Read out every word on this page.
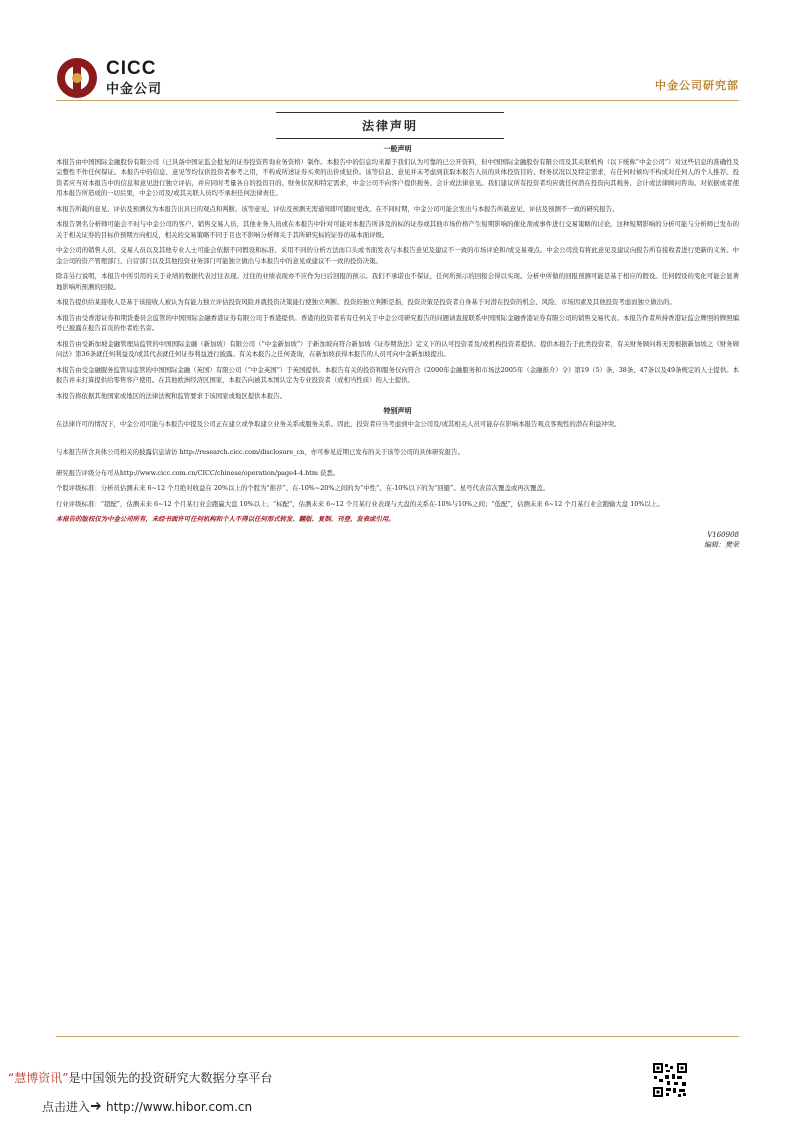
CICC
中金公司	中金公司研究部
法律声明
一般声明

本报告由中国国际金融股份有限公司（已具备中国证监会批复的证券投资咨询业务资格）制作。本报告中的信息均来源于我们认为可靠的已公开资料，但中国国际金融股份有限公司及其关联机构（以下统称“中金公司”）对这些信息的准确性及完整性不作任何保证。本报告中的信息、意见等均仅供投资者参考之用，不构成所述证券买卖的出价或征价。该等信息、意见并未考虑到获取本报告人员的具体投资目的、财务状况以及特定需求，在任何时候均不构成对任何人的个人推荐。投资者应当对本报告中的信息和意见进行独立评估，并应同时考量各自的投资目的、财务状况和特定需求，中金公司不向客户提供税务、会计或法律意见。我们建议所有投资者均应就任何潜在投资向其税务、会计或法律顾问咨询。对依据或者使用本报告所造成的一切后果，中金公司及/或其关联人员均不承担任何法律责任。

本报告所载的意见、评估及预测仅为本报告出具日的观点和判断。该等意见、评估及预测无需通知即可随时更改。在不同时期，中金公司可能会发出与本报告所载意见、评估及预测不一致的研究报告。

本报告署名分析师可能会不时与中金公司的客户、销售交易人员、其他业务人员或在本报告中针对可能对本报告所涉及的标的证券或其他市场价格产生短期影响的催化剂或事件进行交易策略的讨论。这种短期影响的分析可能与分析师已发布的关于相关证券的目标价预期方向相反，相关的交易策略不同于且也不影响分析师关于其所研究标的证券的基本面评级。

中金公司的销售人员、交易人员以及其他专业人士可能会依据不同假设和标准、采用不同的分析方法而口头或书面发表与本报告意见及建议不一致的市场评论和/或交易观点。中金公司没有将此意见及建议向报告所有接收者进行更新的义务。中金公司的资产管理部门、自营部门以及其他投资业务部门可能独立做出与本报告中的意见或建议不一致的投资决策。

除非另行说明，本报告中所引用的关于业绩的数据代表过往表现。过往的业绩表现亦不应作为日后回报的预示。我们不承诺也不保证，任何所预示的回报会得以实现。分析中所做的回报预测可能是基于相应的假设。任何假设的变化可能会显著地影响所预测的回报。

本报告提供给某接收人是基于该接收人被认为有能力独立评估投资风险并就投资决策能行使独立判断。投资的独立判断是指，投资决策是投资者自身基于对潜在投资的机会、风险、市场因素及其他投资考虑而独立做出的。

本报告由受香港证券和期货委员会监管的中国国际金融香港证券有限公司于香港提供。香港的投资者若有任何关于中金公司研究报告的问题请直接联系中国国际金融香港证券有限公司的销售交易代表。本报告作者所持香港证监会牌照的牌照编号已披露在报告首页的作者姓名旁。

本报告由受新加坡金融管理局监管的中国国际金融（新加坡）有限公司（“中金新加坡”）于新加坡向符合新加坡《证券期货法》定义下的认可投资者及/或机构投资者提供。提供本报告于此类投资者，有关财务顾问将无需根据新加坡之《财务顾问法》第36条就任何利益及/或其代表就任何证券利益进行披露。有关本报告之任何查询，在新加坡获得本报告的人员可向中金新加坡提出。

本报告由受金融服务监管局监管的中国国际金融（英国）有限公司（“中金英国”）于英国提供。本报告有关的投资和服务仅向符合《2000年金融服务和市场法2005年（金融推介）令》第19（5）条、38条、47条以及49条规定的人士提供。本报告并未打算提供给零售客户使用。在其他欧洲经济区国家，本报告向被其本国认定为专业投资者（或相当性质）的人士提供。

本报告将依据其他国家或地区的法律法规和监管要求于该国家或地区提供本报告。

特别声明

在法律许可的情况下，中金公司可能与本报告中提及公司正在建立或争取建立业务关系或服务关系。因此，投资者应当考虑到中金公司及/或其相关人员可能存在影响本报告观点客观性的潜在利益冲突。

与本报告所含具体公司相关的披露信息请访 http://research.cicc.com/disclosure_cn，亦可参见近期已发布的关于该等公司的具体研究报告。

研究报告评级分布可从http://www.cicc.com.cn/CICC/chinese/operation/page4-4.htm 获悉。

个股评级标准：分析员估测未来 6~12 个月绝对收益在 20%以上的个股为“推荐”、在-10%~20%之间的为“中性”、在-10%以下的为“回避”。星号代表首次覆盖或再次覆盖。

行业评级标准：“超配”，估测未来 6~12 个月某行业会跑赢大盘 10%以上；“标配”，估测未来 6~12 个月某行业表现与大盘的关系在-10%与10%之间；“低配”，估测未来 6~12 个月某行业会跑输大盘 10%以上。

本报告的版权仅为中金公司所有，未经书面许可任何机构和个人不得以任何形式转发、翻版、复制、刊登、发表或引用。

V160908
编辑：樊荣
“慧博资讯”是中国领先的投资研究大数据分享平台
点击进入 http://www.hibor.com.cn
